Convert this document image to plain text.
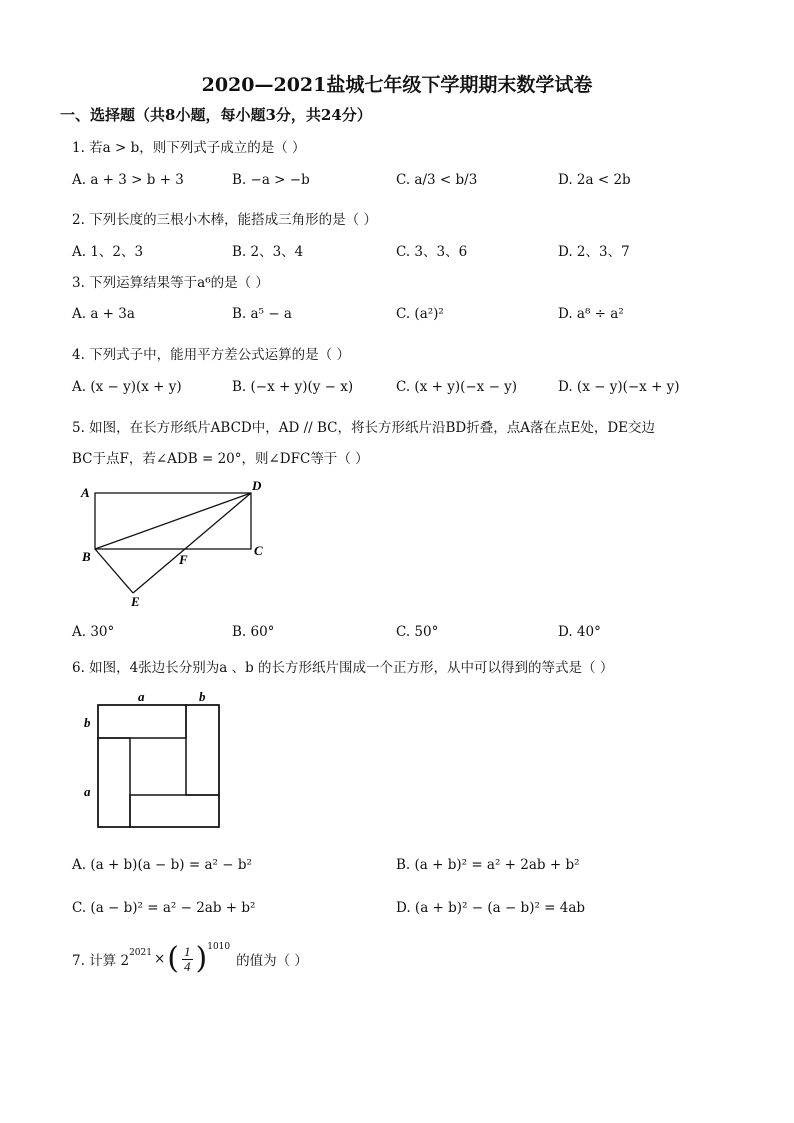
2020—2021盐城七年级下学期期末数学试卷
一、选择题（共8小题，每小题3分，共24分）
1. 若a > b，则下列式子成立的是（ ）
A. a + 3 > b + 3	B. −a > −b	C. a/3 < b/3	D. 2a < 2b
2. 下列长度的三根小木棒，能搭成三角形的是（ ）
A. 1、2、3	B. 2、3、4	C. 3、3、6	D. 2、3、7
3. 下列运算结果等于a⁶的是（ ）
A. a + 3a	B. a⁵ − a	C. (a²)²	D. a⁸ ÷ a²
4. 下列式子中，能用平方差公式运算的是（ ）
A. (x − y)(x + y)	B. (−x + y)(y − x)	C. (x + y)(−x − y)	D. (x − y)(−x + y)
5. 如图，在长方形纸片ABCD中，AD // BC，将长方形纸片沿BD折叠，点A落在点E处，DE交边
BC于点F，若∠ADB = 20°，则∠DFC等于（ ）
A	D
B	C
F
E
A. 30°	B. 60°	C. 50°	D. 40°
6. 如图，4张边长分别为a 、b 的长方形纸片围成一个正方形，从中可以得到的等式是（ ）
a	b
b
a
A. (a + b)(a − b) = a² − b²	B. (a + b)² = a² + 2ab + b²
C. (a − b)² = a² − 2ab + b²	D. (a + b)² − (a − b)² = 4ab
7. 计算 2 2021 × ( $\frac{1}{4}$ ) 1010
的值为（ ）
